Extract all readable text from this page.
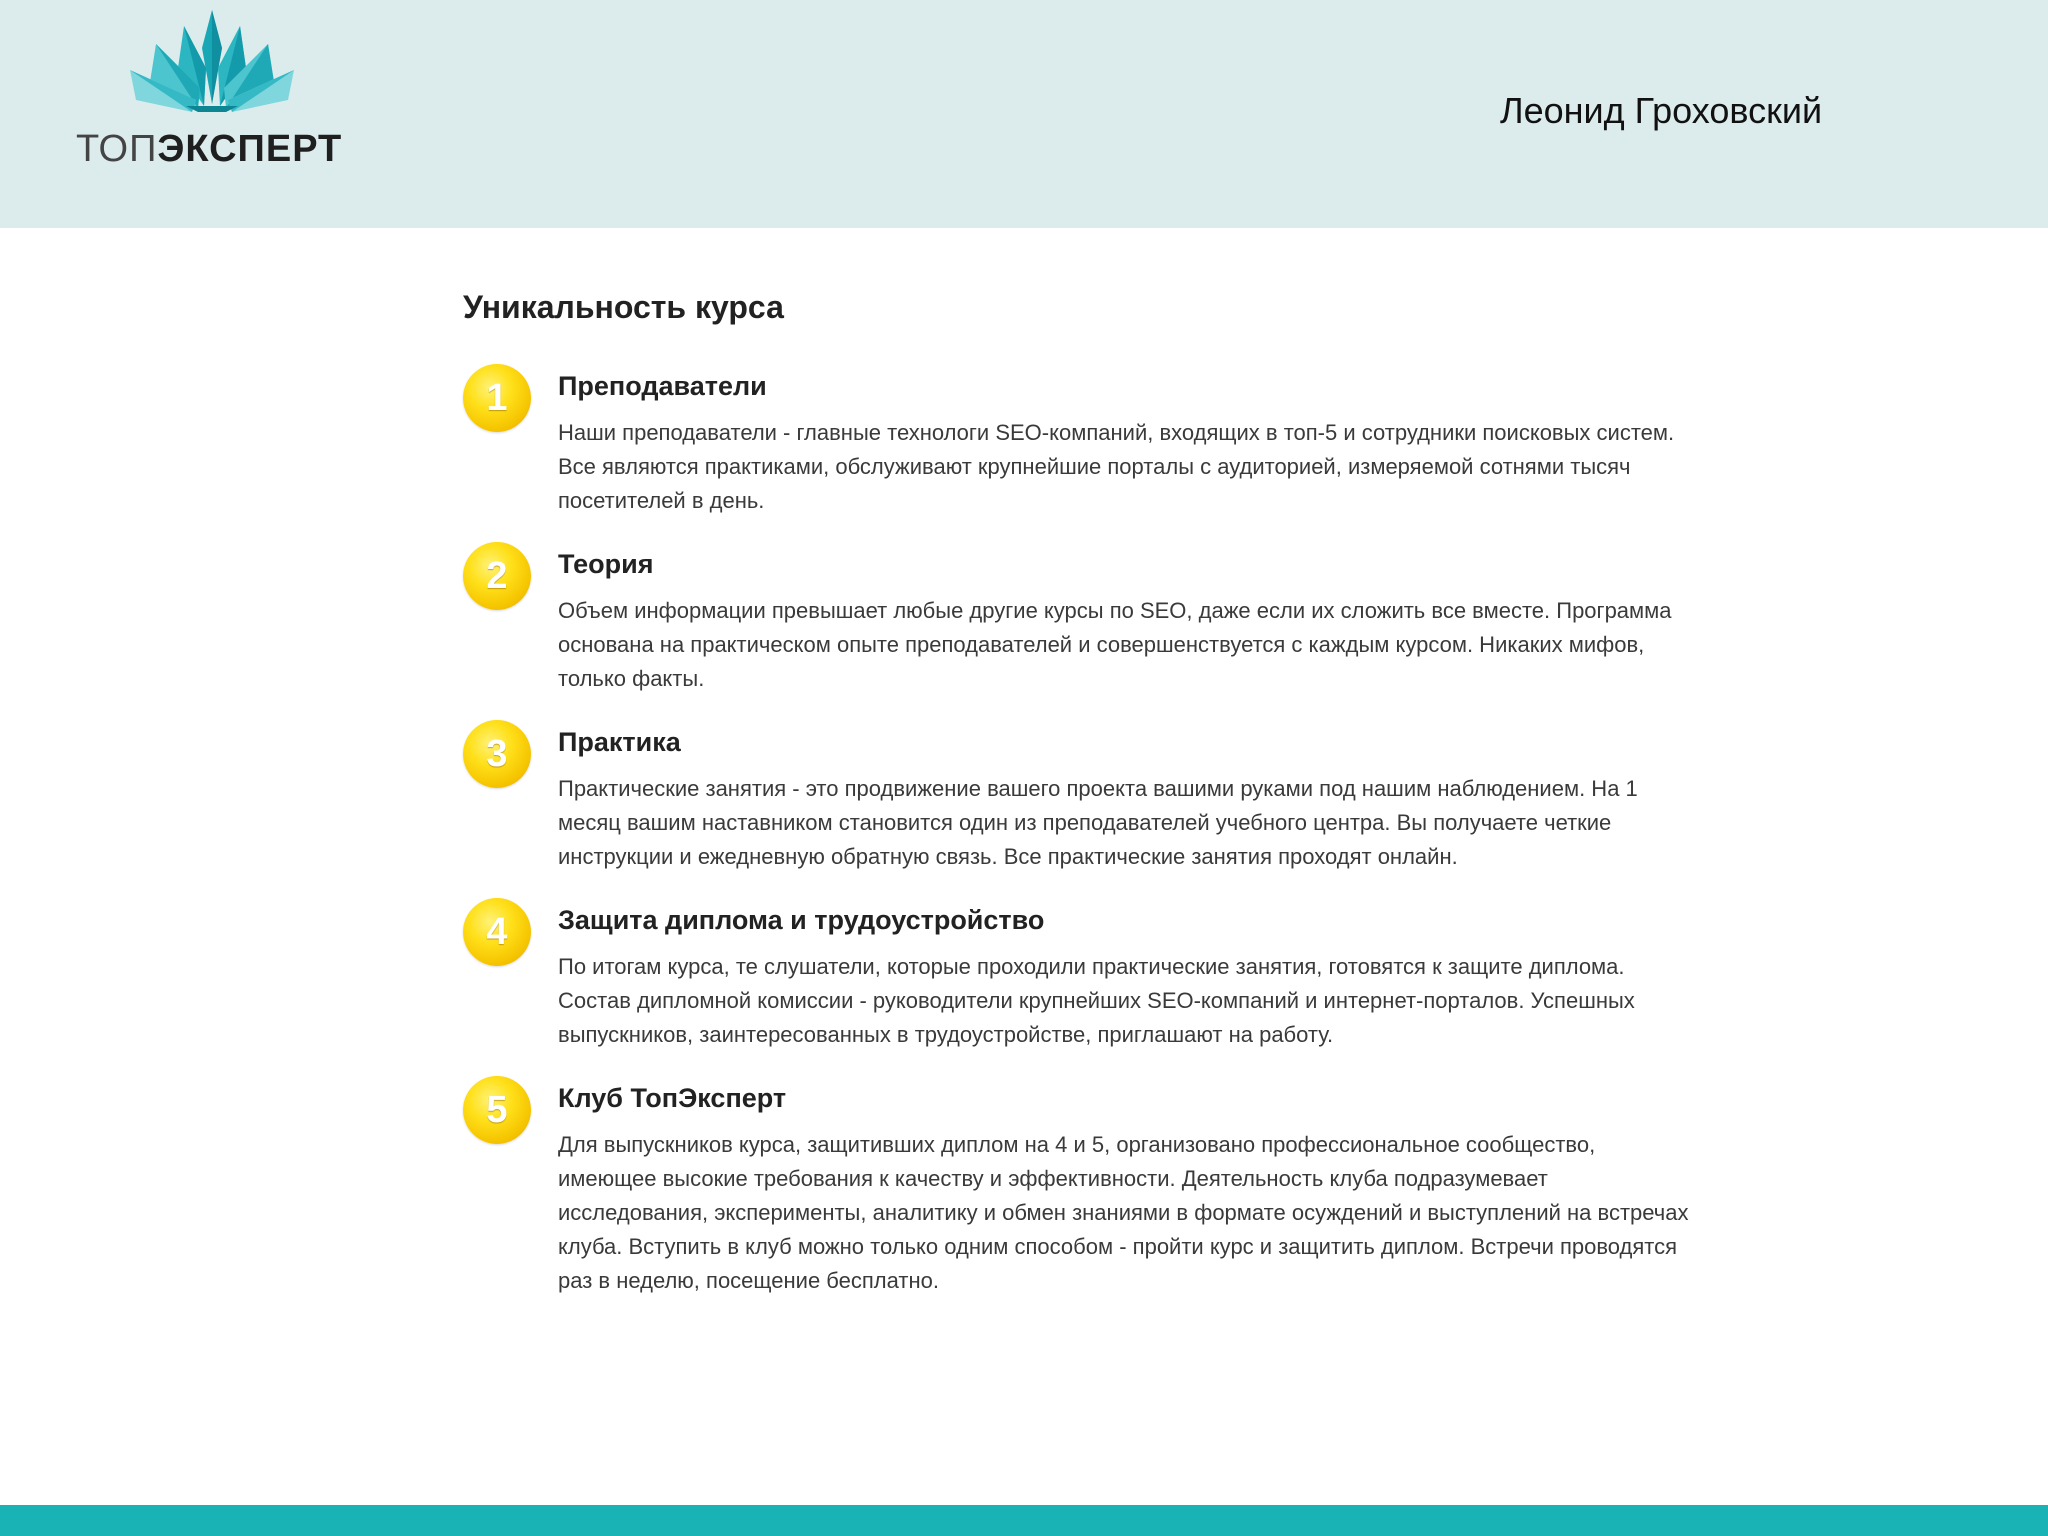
ТОПЭКСПЕРТ
Леонид Гроховский
Уникальность курса
1	Преподаватели

Наши преподаватели - главные технологи SEO-компаний, входящих в топ-5 и сотрудники поисковых систем. Все являются практиками, обслуживают крупнейшие порталы с аудиторией, измеряемой сотнями тысяч посетителей в день.

2	Теория

Объем информации превышает любые другие курсы по SEO, даже если их сложить все вместе. Программа основана на практическом опыте преподавателей и совершенствуется с каждым курсом. Никаких мифов, только факты.

3	Практика

Практические занятия - это продвижение вашего проекта вашими руками под нашим наблюдением. На 1 месяц вашим наставником становится один из преподавателей учебного центра. Вы получаете четкие инструкции и ежедневную обратную связь. Все практические занятия проходят онлайн.

4	Защита диплома и трудоустройство

По итогам курса, те слушатели, которые проходили практические занятия, готовятся к защите диплома. Состав дипломной комиссии - руководители крупнейших SEO-компаний и интернет-порталов. Успешных выпускников, заинтересованных в трудоустройстве, приглашают на работу.

5	Клуб ТопЭксперт

Для выпускников курса, защитивших диплом на 4 и 5, организовано профессиональное сообщество, имеющее высокие требования к качеству и эффективности. Деятельность клуба подразумевает исследования, эксперименты, аналитику и обмен знаниями в формате осуждений и выступлений на встречах клуба. Вступить в клуб можно только одним способом - пройти курс и защитить диплом. Встречи проводятся раз в неделю, посещение бесплатно.
